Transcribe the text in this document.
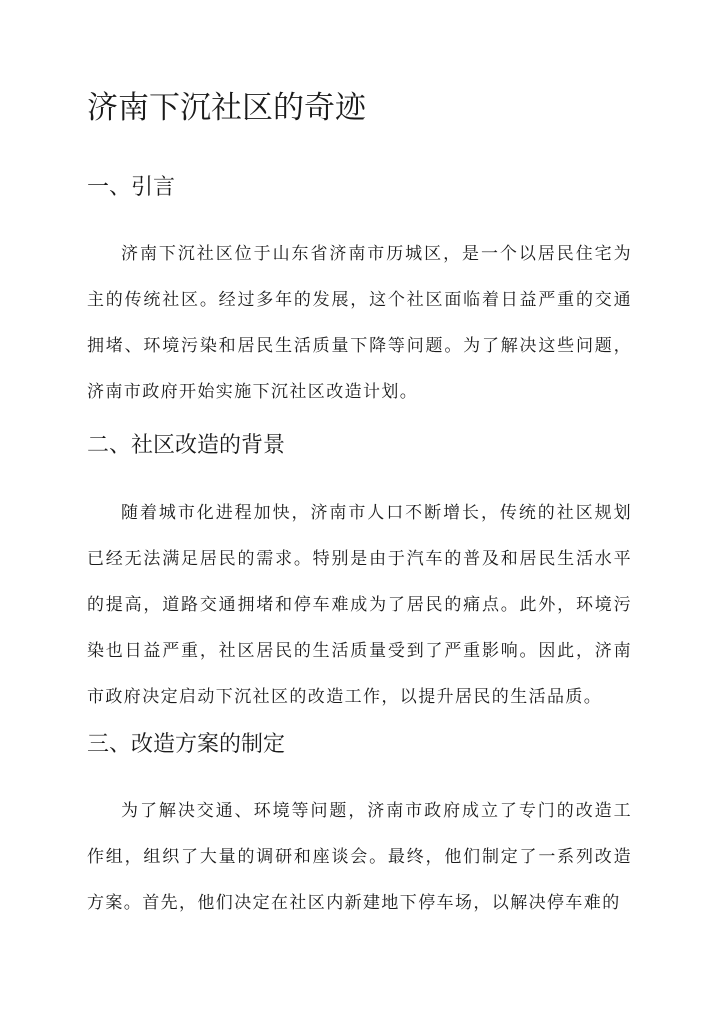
济南下沉社区的奇迹
一、引言

济南下沉社区位于山东省济南市历城区，是一个以居民住宅为主的传统社区。经过多年的发展，这个社区面临着日益严重的交通拥堵、环境污染和居民生活质量下降等问题。为了解决这些问题，济南市政府开始实施下沉社区改造计划。

二、社区改造的背景

随着城市化进程加快，济南市人口不断增长，传统的社区规划已经无法满足居民的需求。特别是由于汽车的普及和居民生活水平的提高，道路交通拥堵和停车难成为了居民的痛点。此外，环境污染也日益严重，社区居民的生活质量受到了严重影响。因此，济南市政府决定启动下沉社区的改造工作，以提升居民的生活品质。

三、改造方案的制定

为了解决交通、环境等问题，济南市政府成立了专门的改造工作组，组织了大量的调研和座谈会。最终，他们制定了一系列改造方案。首先，他们决定在社区内新建地下停车场，以解决停车难的
